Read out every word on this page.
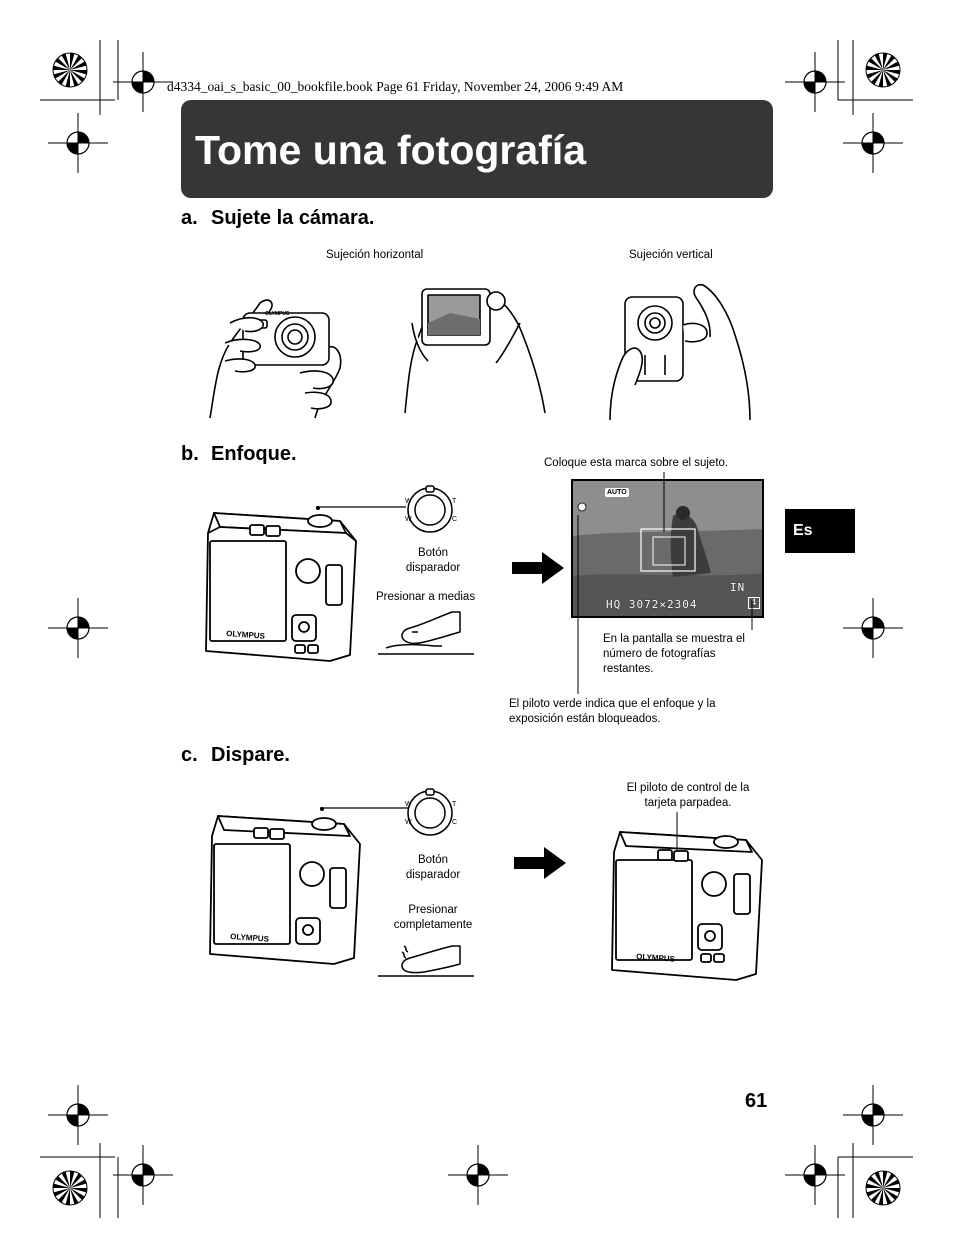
d4334_oai_s_basic_00_bookfile.book Page 61 Friday, November 24, 2006 9:49 AM
Tome una fotografía
a. Sujete la cámara.
Sujeción horizontal	Sujeción vertical
OLYMPUS
b. Enfoque.
OLYMPUS
W	T
W	C
Botón
disparador
Presionar a medias
AUTO
IN
HQ 3072×2304	4
Coloque esta marca sobre el sujeto.
En la pantalla se muestra el
número de fotografías
restantes.
El piloto verde indica que el enfoque y la
exposición están bloqueados.
c. Dispare.
OLYMPUS
W	T
W	C
Botón
disparador
Presionar
completamente
OLYMPUS
El piloto de control de la
tarjeta parpadea.
Es
61
